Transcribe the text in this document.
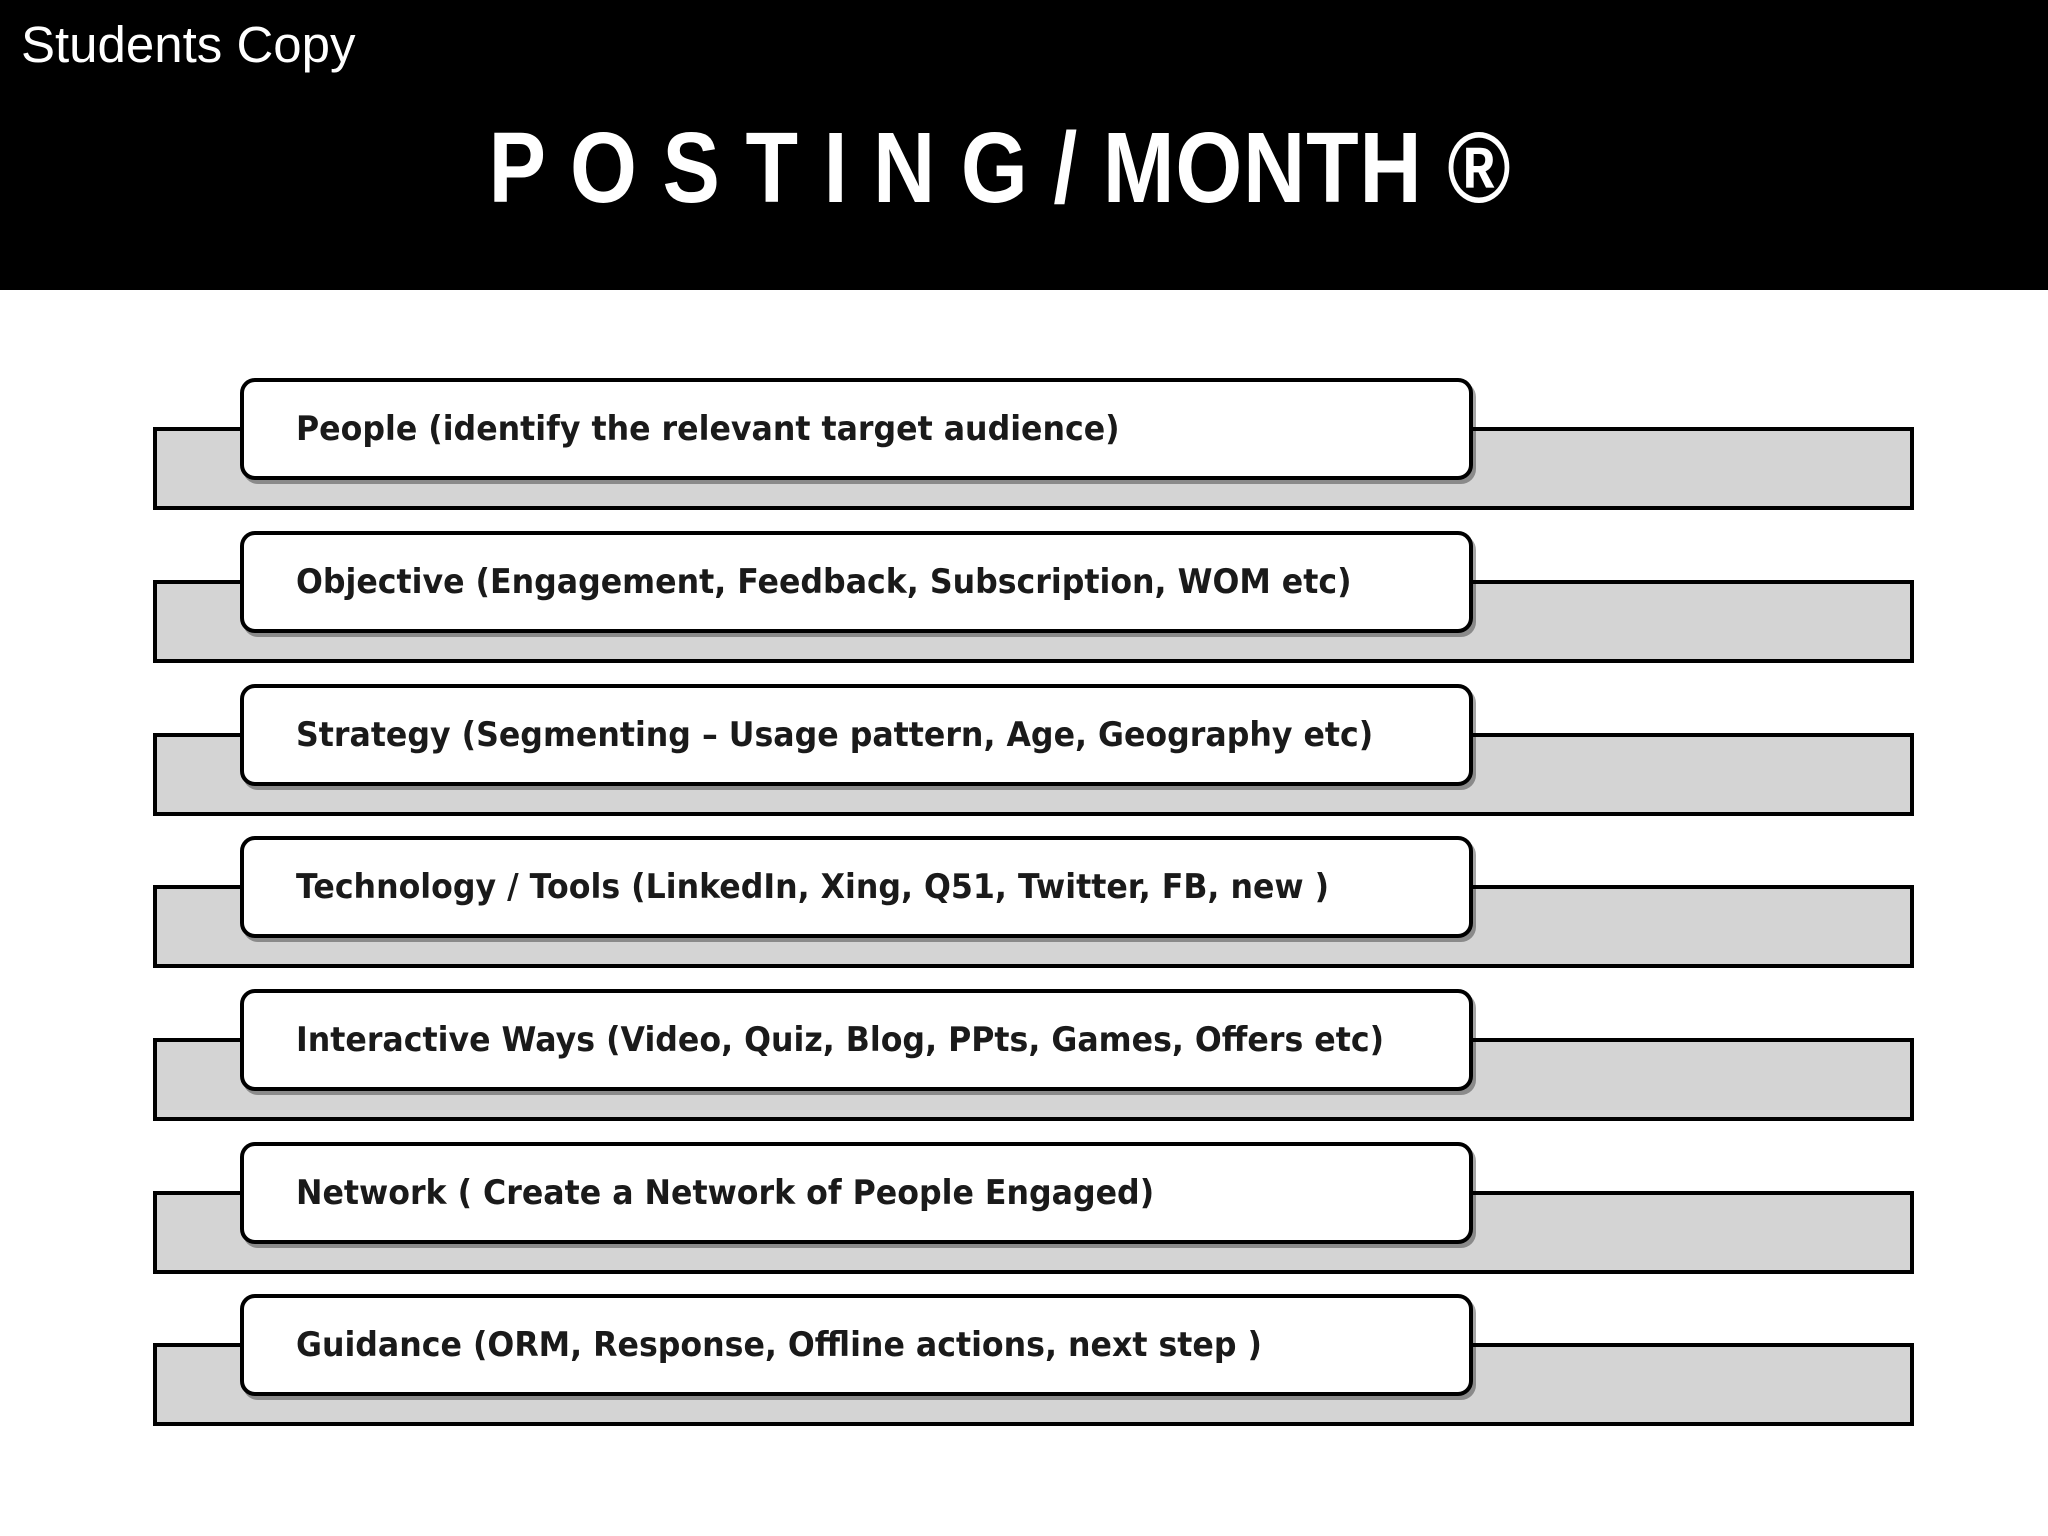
Students Copy
P O S T I N G / MONTH ®
People (identify the relevant target audience)
Objective (Engagement, Feedback, Subscription, WOM etc)
Strategy (Segmenting – Usage pattern, Age, Geography etc)
Technology / Tools (LinkedIn, Xing, Q51, Twitter, FB, new )
Interactive Ways (Video, Quiz, Blog, PPts, Games, Offers etc)
Network ( Create a Network of People Engaged)
Guidance (ORM, Response, Offline actions, next step )
